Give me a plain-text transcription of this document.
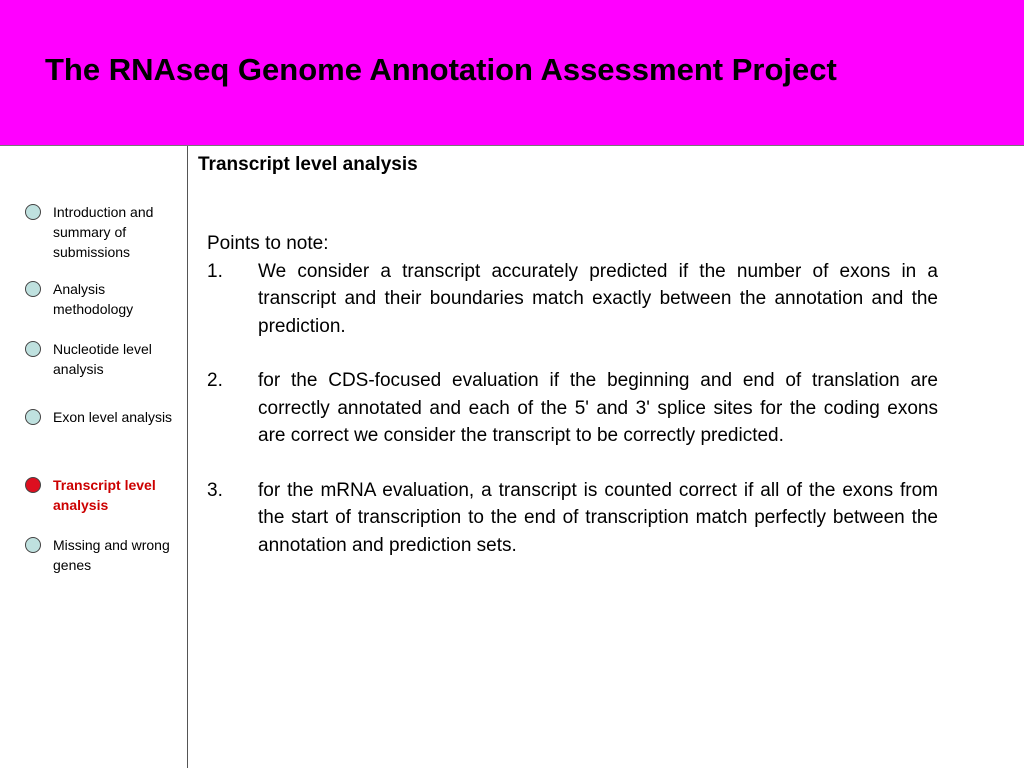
The RNAseq Genome Annotation Assessment Project
Transcript level analysis
Introduction and summary of submissions
Analysis methodology
Nucleotide level analysis
Exon level analysis
Transcript level analysis
Missing and wrong genes

Points to note:

1. We consider a transcript accurately predicted if the number of exons in a transcript and their boundaries match exactly between the annotation and the prediction.
2. for the CDS-focused evaluation if the beginning and end of translation are correctly annotated and each of the 5' and 3' splice sites for the coding exons are correct we consider the transcript to be correctly predicted.
3. for the mRNA evaluation, a transcript is counted correct if all of the exons from the start of transcription to the end of transcription match perfectly between the annotation and prediction sets.
